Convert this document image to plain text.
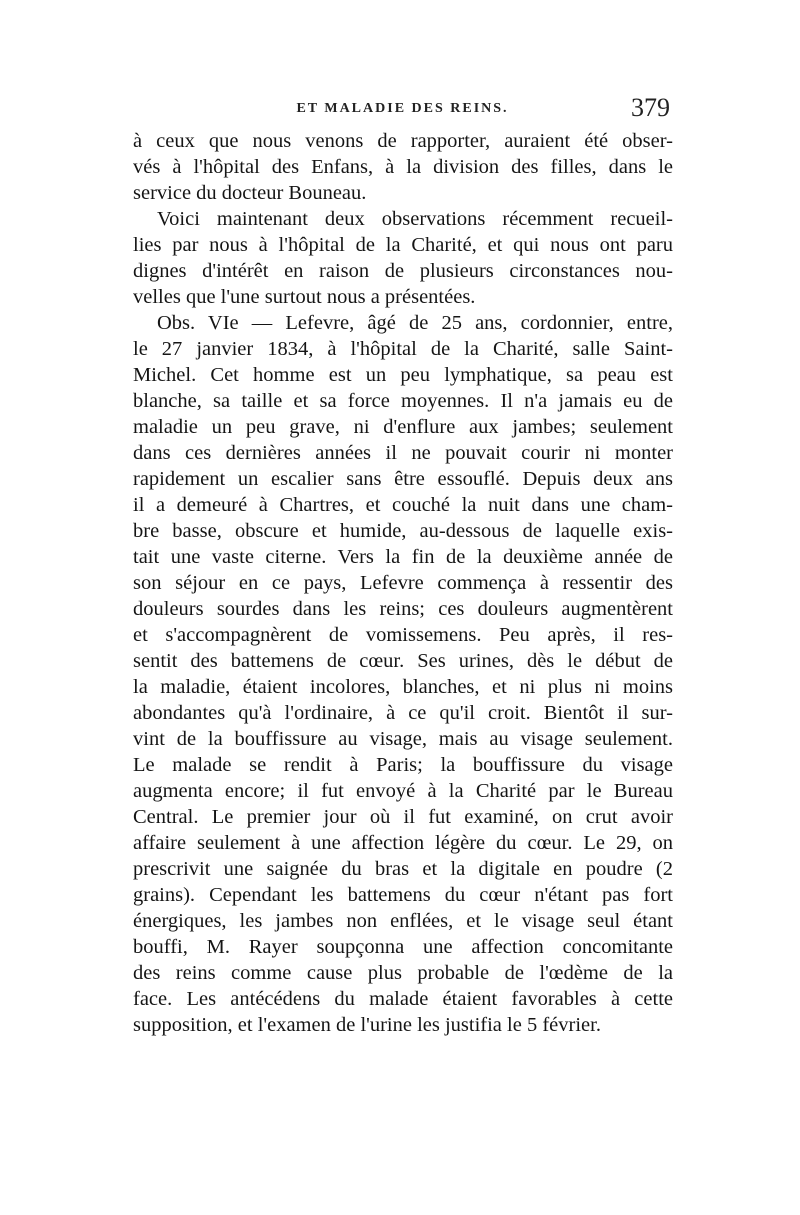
ET MALADIE DES REINS.	379
à ceux que nous venons de rapporter, auraient été obser-
vés à l'hôpital des Enfans, à la division des filles, dans le
service du docteur Bouneau.
Voici maintenant deux observations récemment recueil-
lies par nous à l'hôpital de la Charité, et qui nous ont paru
dignes d'intérêt en raison de plusieurs circonstances nou-
velles que l'une surtout nous a présentées.
Obs. VIe — Lefevre, âgé de 25 ans, cordonnier, entre,
le 27 janvier 1834, à l'hôpital de la Charité, salle Saint-
Michel. Cet homme est un peu lymphatique, sa peau est
blanche, sa taille et sa force moyennes. Il n'a jamais eu de
maladie un peu grave, ni d'enflure aux jambes; seulement
dans ces dernières années il ne pouvait courir ni monter
rapidement un escalier sans être essouflé. Depuis deux ans
il a demeuré à Chartres, et couché la nuit dans une cham-
bre basse, obscure et humide, au-dessous de laquelle exis-
tait une vaste citerne. Vers la fin de la deuxième année de
son séjour en ce pays, Lefevre commença à ressentir des
douleurs sourdes dans les reins; ces douleurs augmentèrent
et s'accompagnèrent de vomissemens. Peu après, il res-
sentit des battemens de cœur. Ses urines, dès le début de
la maladie, étaient incolores, blanches, et ni plus ni moins
abondantes qu'à l'ordinaire, à ce qu'il croit. Bientôt il sur-
vint de la bouffissure au visage, mais au visage seulement.
Le malade se rendit à Paris; la bouffissure du visage
augmenta encore; il fut envoyé à la Charité par le Bureau
Central. Le premier jour où il fut examiné, on crut avoir
affaire seulement à une affection légère du cœur. Le 29, on
prescrivit une saignée du bras et la digitale en poudre (2
grains). Cependant les battemens du cœur n'étant pas fort
énergiques, les jambes non enflées, et le visage seul étant
bouffi, M. Rayer soupçonna une affection concomitante
des reins comme cause plus probable de l'œdème de la
face. Les antécédens du malade étaient favorables à cette
supposition, et l'examen de l'urine les justifia le 5 février.
